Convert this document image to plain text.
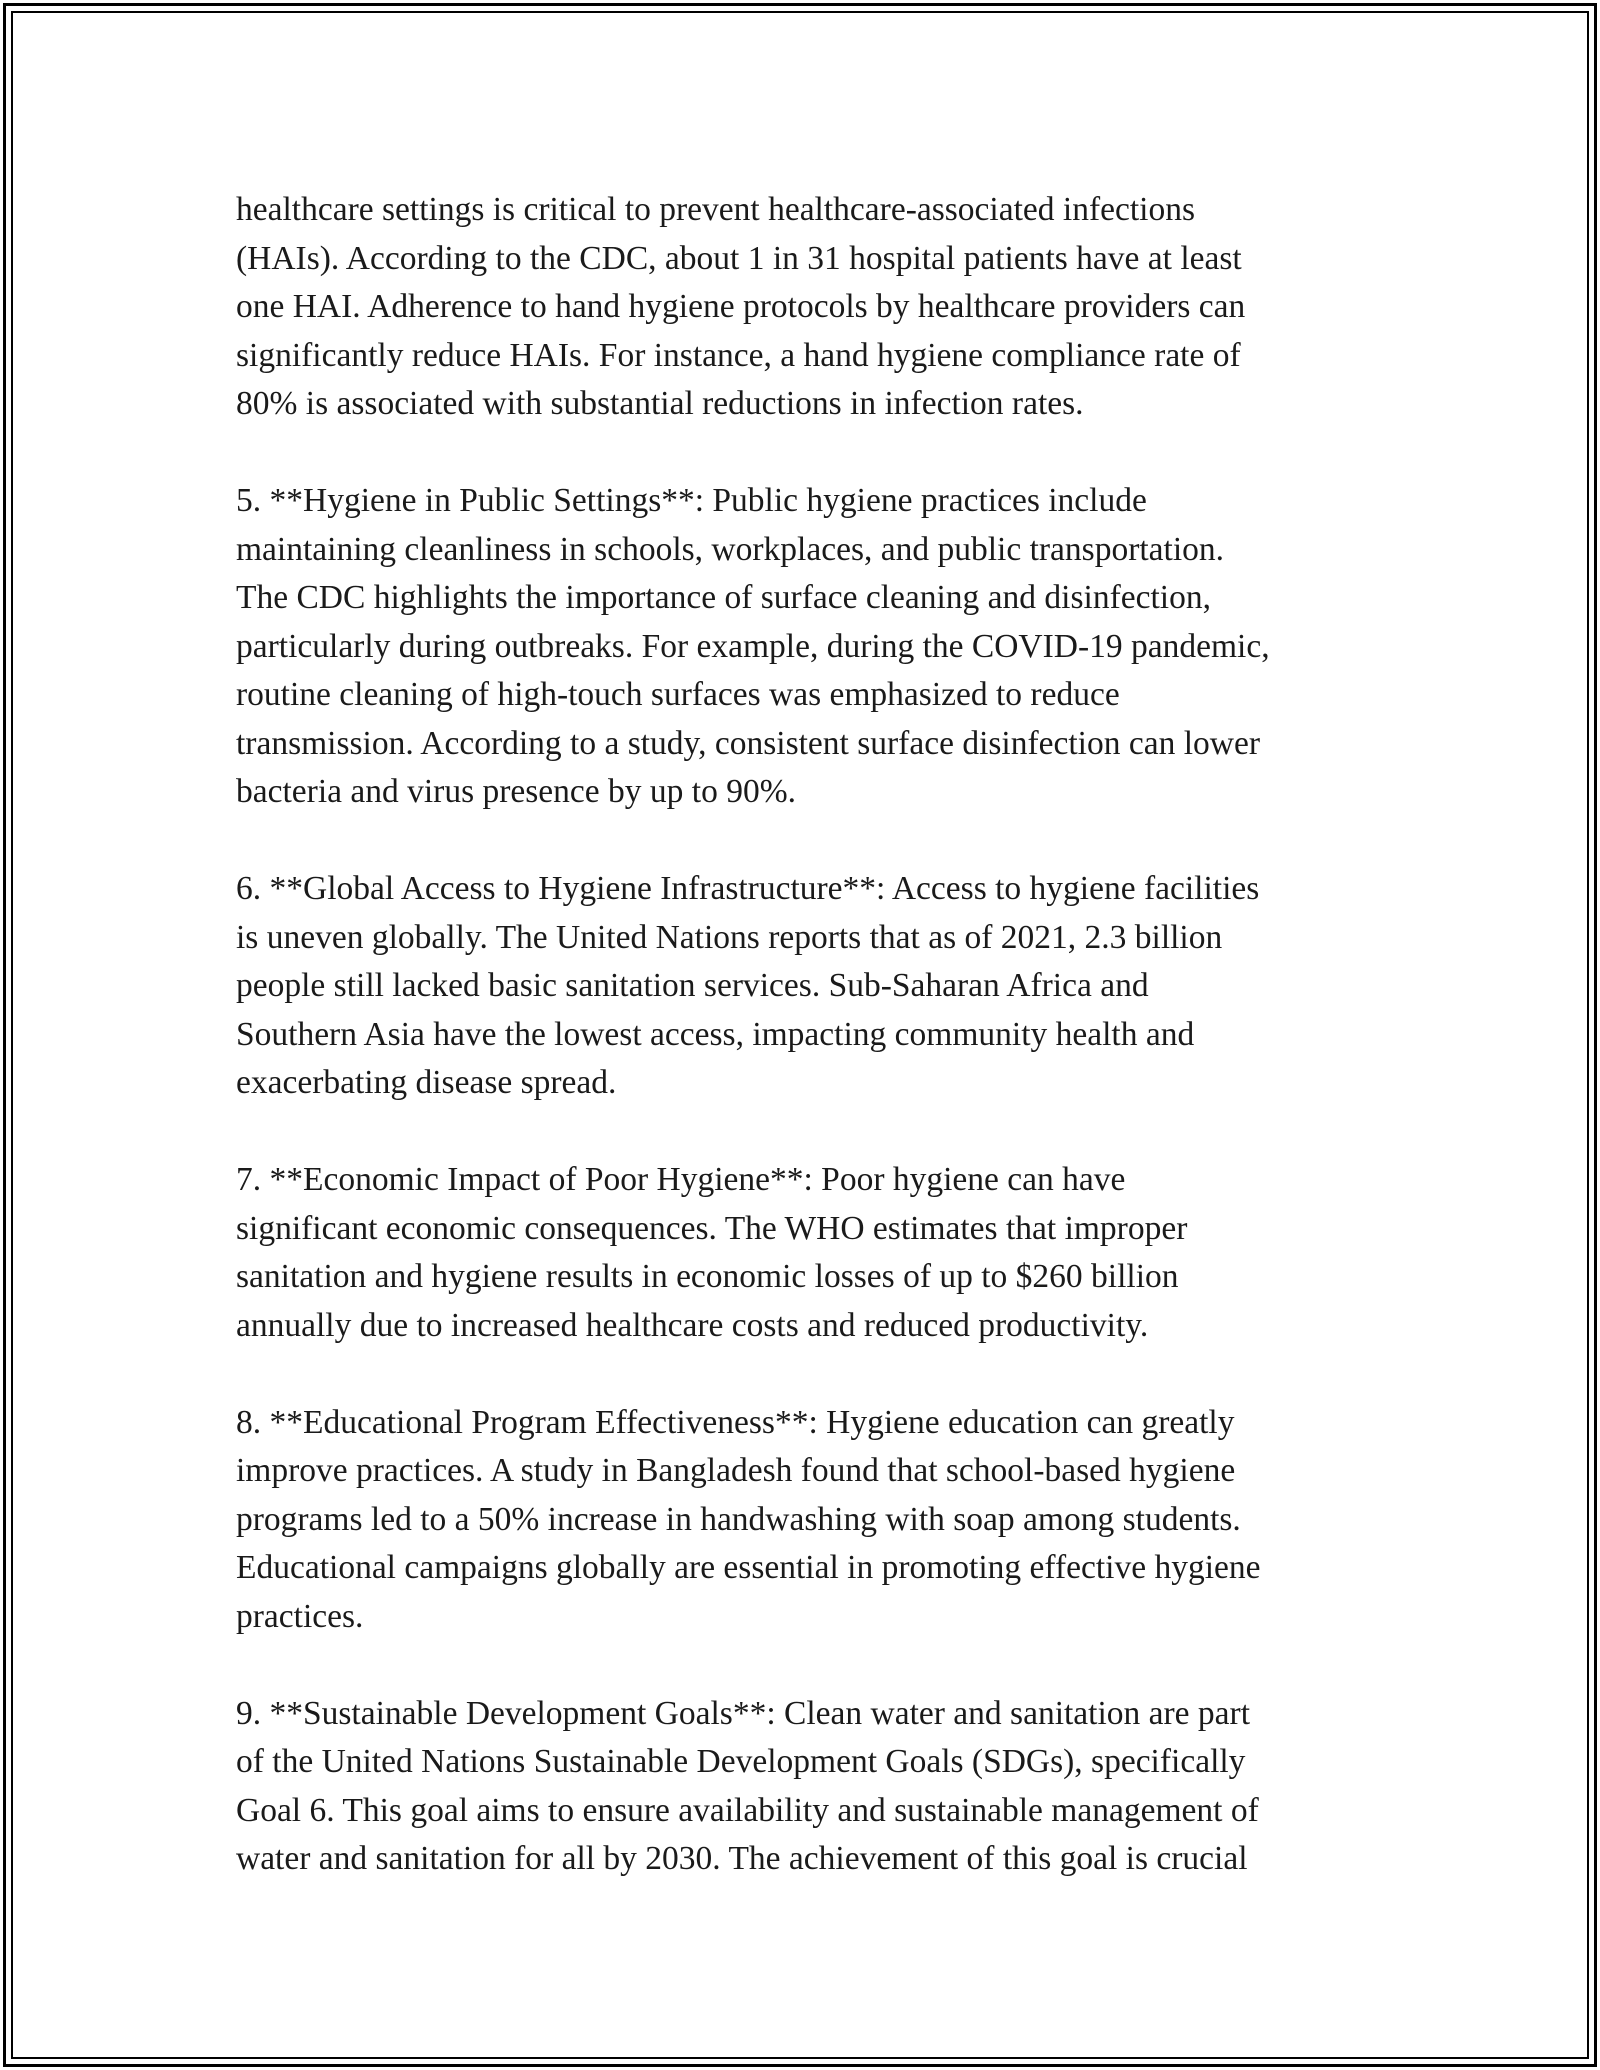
healthcare settings is critical to prevent healthcare-associated infections
(HAIs). According to the CDC, about 1 in 31 hospital patients have at least
one HAI. Adherence to hand hygiene protocols by healthcare providers can
significantly reduce HAIs. For instance, a hand hygiene compliance rate of
80% is associated with substantial reductions in infection rates.

5. **Hygiene in Public Settings**: Public hygiene practices include
maintaining cleanliness in schools, workplaces, and public transportation.
The CDC highlights the importance of surface cleaning and disinfection,
particularly during outbreaks. For example, during the COVID-19 pandemic,
routine cleaning of high-touch surfaces was emphasized to reduce
transmission. According to a study, consistent surface disinfection can lower
bacteria and virus presence by up to 90%.

6. **Global Access to Hygiene Infrastructure**: Access to hygiene facilities
is uneven globally. The United Nations reports that as of 2021, 2.3 billion
people still lacked basic sanitation services. Sub-Saharan Africa and
Southern Asia have the lowest access, impacting community health and
exacerbating disease spread.

7. **Economic Impact of Poor Hygiene**: Poor hygiene can have
significant economic consequences. The WHO estimates that improper
sanitation and hygiene results in economic losses of up to $260 billion
annually due to increased healthcare costs and reduced productivity.

8. **Educational Program Effectiveness**: Hygiene education can greatly
improve practices. A study in Bangladesh found that school-based hygiene
programs led to a 50% increase in handwashing with soap among students.
Educational campaigns globally are essential in promoting effective hygiene
practices.

9. **Sustainable Development Goals**: Clean water and sanitation are part
of the United Nations Sustainable Development Goals (SDGs), specifically
Goal 6. This goal aims to ensure availability and sustainable management of
water and sanitation for all by 2030. The achievement of this goal is crucial
